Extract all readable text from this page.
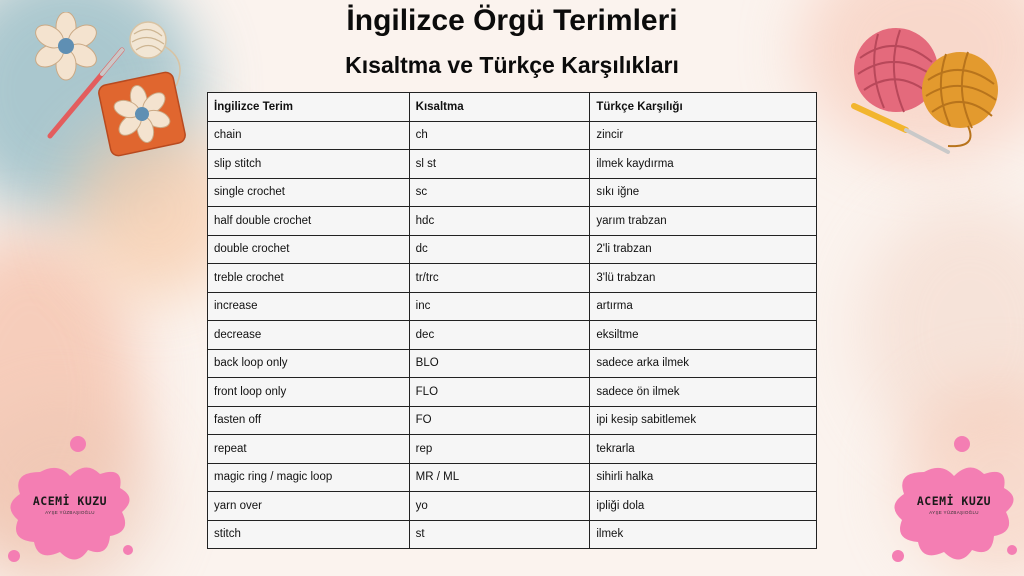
İngilizce Örgü Terimleri
Kısaltma ve Türkçe Karşılıkları
İngilizce Terim	Kısaltma	Türkçe Karşılığı
chain	ch	zincir
slip stitch	sl st	ilmek kaydırma
single crochet	sc	sıkı iğne
half double crochet	hdc	yarım trabzan
double crochet	dc	2'li trabzan
treble crochet	tr/trc	3'lü trabzan
increase	inc	artırma
decrease	dec	eksiltme
back loop only	BLO	sadece arka ilmek
front loop only	FLO	sadece ön ilmek
fasten off	FO	ipi kesip sabitlemek
repeat	rep	tekrarla
magic ring / magic loop	MR / ML	sihirli halka
yarn over	yo	ipliği dola
stitch	st	ilmek
ACEMİ KUZU
AYŞE YÜZBAŞIOĞLU
ACEMİ KUZU
AYŞE YÜZBAŞIOĞLU
